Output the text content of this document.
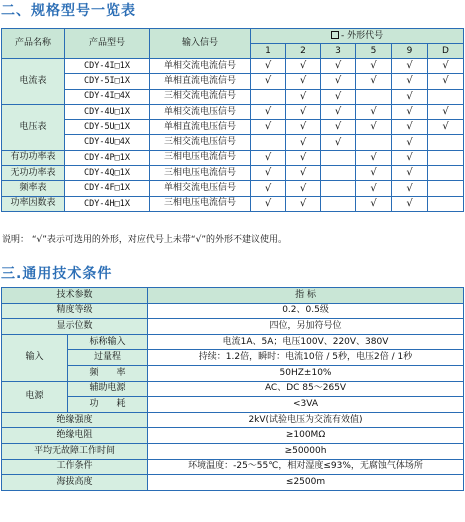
二、规格型号一览表
产品名称	产品型号	输入信号	- 外形代号					
			1	2	3	5	9	D
电流表	CDY-4I□1X	单相交流电流信号	√	√	√	√	√	√
	CDY-5I□1X	单相直流电流信号	√	√	√	√	√	√
	CDY-4I□4X	三相交流电流信号		√	√		√	
电压表	CDY-4U□1X	单相交流电压信号	√	√	√	√	√	√
	CDY-5U□1X	单相直流电压信号	√	√	√	√	√	√
	CDY-4U□4X	三相交流电压信号		√	√		√	
有功功率表	CDY-4P□1X	三相电压电流信号	√	√		√	√	
无功功率表	CDY-4Q□1X	三相电压电流信号	√	√		√	√	
频率表	CDY-4F□1X	单相交流电压信号	√	√		√	√	
功率因数表	CDY-4H□1X	三相电压电流信号	√	√		√	√	
说明： “√”表示可选用的外形，对应代号上未带“√”的外形不建议使用。
三.通用技术条件
技术参数		指 标
精度等级		0.2、0.5级
显示位数		四位，另加符号位
输入	标称输入	电流1A、5A；电压100V、220V、380V
	过量程	持续：1.2倍，瞬时：电流10倍 / 5秒，电压2倍 / 1秒
	频　　率	50HZ±10%
电源	辅助电源	AC、DC 85～265V
	功　　耗	<3VA
绝缘强度		2kV(试验电压为交流有效值)
绝缘电阻		≥100MΩ
平均无故障工作时间		≥50000h
工作条件		环境温度：-25～55℃，相对湿度≤93%，无腐蚀气体场所
海拔高度		≤2500m
